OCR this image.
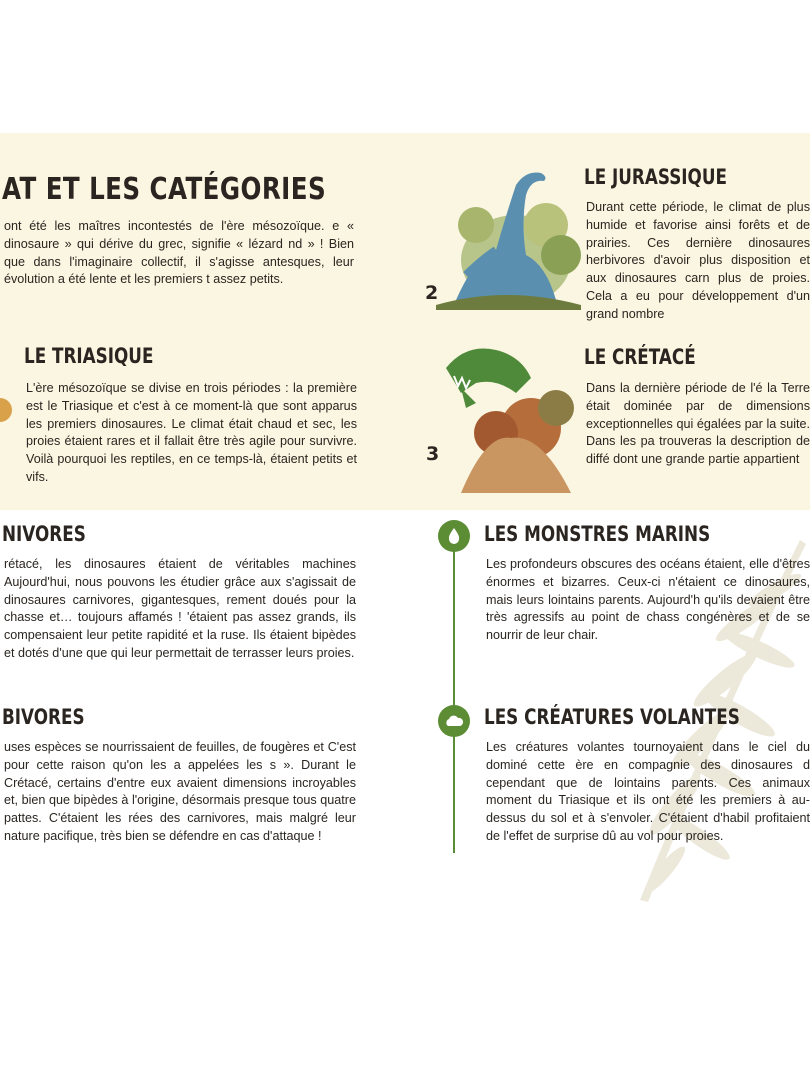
AT ET LES CATÉGORIES

ont été les maîtres incontestés de l'ère mésozoïque. e « dinosaure » qui dérive du grec, signifie « lézard nd » ! Bien que dans l'imaginaire collectif, il s'agisse antesques, leur évolution a été lente et les premiers t assez petits.

LE TRIASIQUE

L'ère mésozoïque se divise en trois périodes : la première est le Triasique et c'est à ce moment-là que sont apparus les premiers dinosaures. Le climat était chaud et sec, les proies étaient rares et il fallait être très agile pour survivre. Voilà pourquoi les reptiles, en ce temps-là, étaient petits et vifs.

2
LE JURASSIQUE

Durant cette période, le climat de plus humide et favorise ainsi forêts et de prairies. Ces dernière dinosaures herbivores d'avoir plus disposition et aux dinosaures carn plus de proies. Cela a eu pour développement d'un grand nombre

3
LE CRÉTACÉ

Dans la dernière période de l'é la Terre était dominée par de dimensions exceptionnelles qui égalées par la suite. Dans les pa trouveras la description de diffé dont une grande partie appartient

NIVORES

rétacé, les dinosaures étaient de véritables machines Aujourd'hui, nous pouvons les étudier grâce aux s'agissait de dinosaures carnivores, gigantesques, rement doués pour la chasse et… toujours affamés ! 'étaient pas assez grands, ils compensaient leur petite rapidité et la ruse. Ils étaient bipèdes et dotés d'une que qui leur permettait de terrasser leurs proies.

BIVORES

uses espèces se nourrissaient de feuilles, de fougères et C'est pour cette raison qu'on les a appelées les s ». Durant le Crétacé, certains d'entre eux avaient dimensions incroyables et, bien que bipèdes à l'origine, désormais presque tous quatre pattes. C'étaient les rées des carnivores, mais malgré leur nature pacifique, très bien se défendre en cas d'attaque !

LES MONSTRES MARINS

Les profondeurs obscures des océans étaient, elle d'êtres énormes et bizarres. Ceux-ci n'étaient ce dinosaures, mais leurs lointains parents. Aujourd'h qu'ils devaient être très agressifs au point de chass congénères et de se nourrir de leur chair.

LES CRÉATURES VOLANTES

Les créatures volantes tournoyaient dans le ciel du dominé cette ère en compagnie des dinosaures d cependant que de lointains parents. Ces animaux moment du Triasique et ils ont été les premiers à au-dessus du sol et à s'envoler. C'étaient d'habil profitaient de l'effet de surprise dû au vol pour proies.
